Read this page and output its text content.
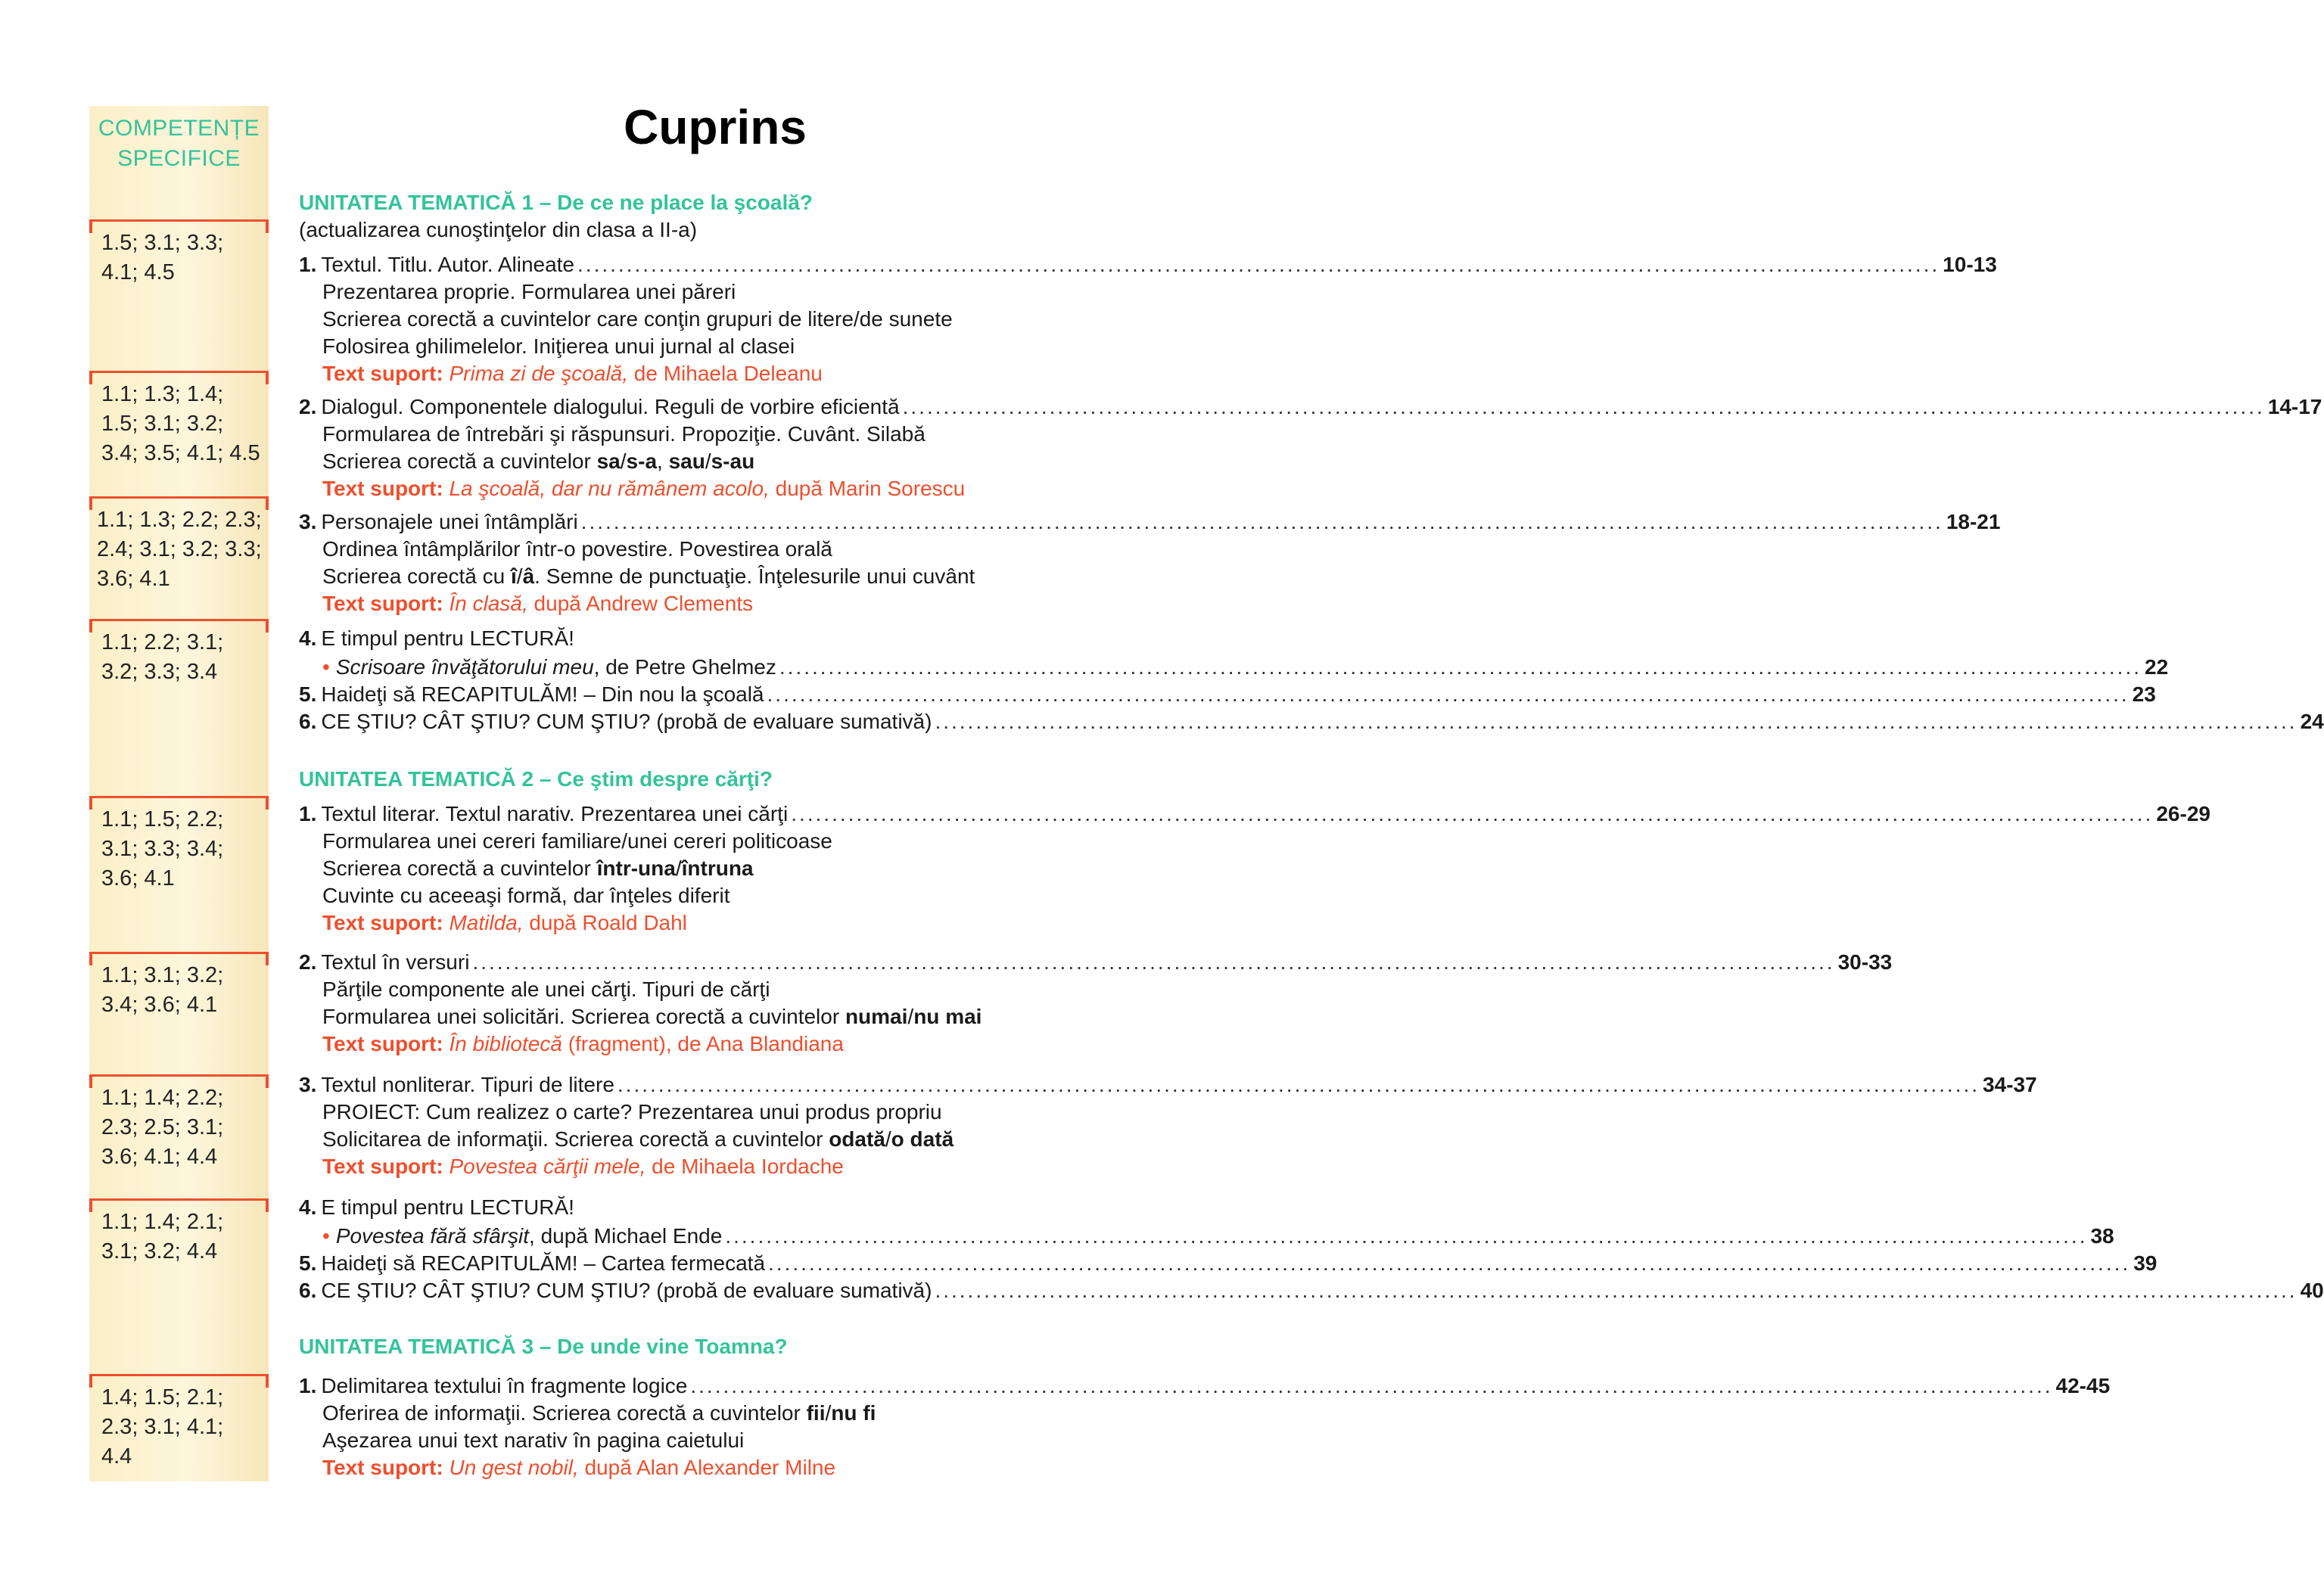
COMPETENȚE
SPECIFICE
1.5; 3.1; 3.3;
4.1; 4.5
1.1; 1.3; 1.4;
1.5; 3.1; 3.2;
3.4; 3.5; 4.1; 4.5
1.1; 1.3; 2.2; 2.3;
2.4; 3.1; 3.2; 3.3;
3.6; 4.1
1.1; 2.2; 3.1;
3.2; 3.3; 3.4
1.1; 1.5; 2.2;
3.1; 3.3; 3.4;
3.6; 4.1
1.1; 3.1; 3.2;
3.4; 3.6; 4.1
1.1; 1.4; 2.2;
2.3; 2.5; 3.1;
3.6; 4.1; 4.4
1.1; 1.4; 2.1;
3.1; 3.2; 4.4
1.4; 1.5; 2.1;
2.3; 3.1; 4.1;
4.4
Cuprins
UNITATEA TEMATICĂ 1 – De ce ne place la şcoală?
(actualizarea cunoştinţelor din clasa a II-a)
1. Textul. Titlu. Autor. Alineate ....................................................................................................................................................................... 10-13
Prezentarea proprie. Formularea unei păreri
Scrierea corectă a cuvintelor care conţin grupuri de litere/de sunete
Folosirea ghilimelelor. Iniţierea unui jurnal al clasei
Text suport: Prima zi de şcoală, de Mihaela Deleanu
2. Dialogul. Componentele dialogului. Reguli de vorbire eficientă ....................................................................................................................................................................... 14-17
Formularea de întrebări şi răspunsuri. Propoziţie. Cuvânt. Silabă
Scrierea corectă a cuvintelor sa/s-a, sau/s-au
Text suport: La şcoală, dar nu rămânem acolo, după Marin Sorescu
3. Personajele unei întâmplări ....................................................................................................................................................................... 18-21
Ordinea întâmplărilor într-o povestire. Povestirea orală
Scrierea corectă cu î/â. Semne de punctuaţie. Înţelesurile unui cuvânt
Text suport: În clasă, după Andrew Clements
4. E timpul pentru LECTURĂ!
• Scrisoare învăţătorului meu , de Petre Ghelmez ....................................................................................................................................................................... 22
5. Haideţi să RECAPITULĂM! – Din nou la şcoală ....................................................................................................................................................................... 23
6. CE ŞTIU? CÂT ŞTIU? CUM ŞTIU? (probă de evaluare sumativă) ....................................................................................................................................................................... 24
UNITATEA TEMATICĂ 2 – Ce ştim despre cărţi?
1. Textul literar. Textul narativ. Prezentarea unei cărţi ....................................................................................................................................................................... 26-29
Formularea unei cereri familiare/unei cereri politicoase
Scrierea corectă a cuvintelor într-una/întruna
Cuvinte cu aceeaşi formă, dar înţeles diferit
Text suport: Matilda, după Roald Dahl
2. Textul în versuri ....................................................................................................................................................................... 30-33
Părţile componente ale unei cărţi. Tipuri de cărţi
Formularea unei solicitări. Scrierea corectă a cuvintelor numai/nu mai
Text suport: În bibliotecă (fragment), de Ana Blandiana
3. Textul nonliterar. Tipuri de litere ....................................................................................................................................................................... 34-37
PROIECT: Cum realizez o carte? Prezentarea unui produs propriu
Solicitarea de informaţii. Scrierea corectă a cuvintelor odată/o dată
Text suport: Povestea cărţii mele, de Mihaela Iordache
4. E timpul pentru LECTURĂ!
• Povestea fără sfârşit , după Michael Ende ....................................................................................................................................................................... 38
5. Haideţi să RECAPITULĂM! – Cartea fermecată ....................................................................................................................................................................... 39
6. CE ŞTIU? CÂT ŞTIU? CUM ŞTIU? (probă de evaluare sumativă) ....................................................................................................................................................................... 40
UNITATEA TEMATICĂ 3 – De unde vine Toamna?
1. Delimitarea textului în fragmente logice ....................................................................................................................................................................... 42-45
Oferirea de informaţii. Scrierea corectă a cuvintelor fii/nu fi
Aşezarea unui text narativ în pagina caietului
Text suport: Un gest nobil, după Alan Alexander Milne
